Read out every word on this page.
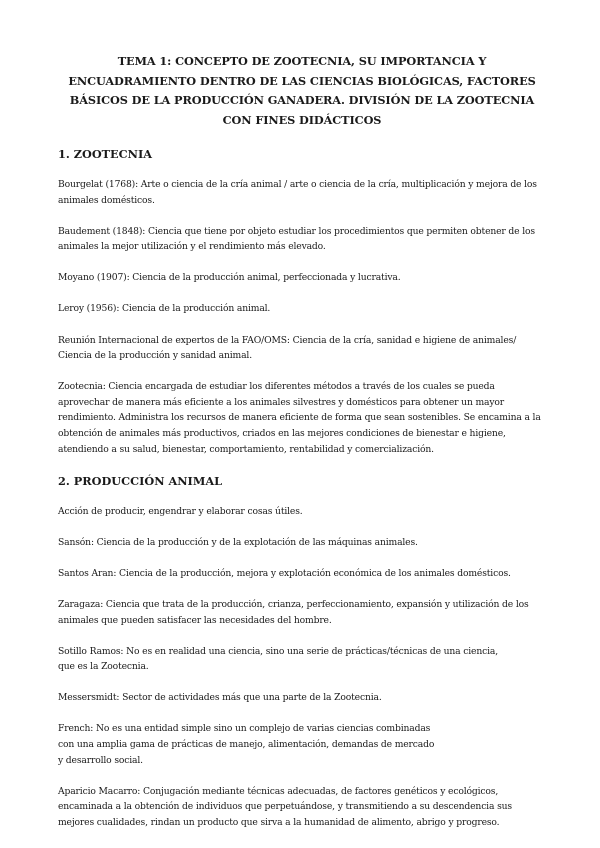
TEMA 1: CONCEPTO DE ZOOTECNIA, SU IMPORTANCIA Y ENCUADRAMIENTO DENTRO DE LAS CIENCIAS BIOLÓGICAS, FACTORES BÁSICOS DE LA PRODUCCIÓN GANADERA. DIVISIÓN DE LA ZOOTECNIA CON FINES DIDÁCTICOS
1. ZOOTECNIA

Bourgelat (1768): Arte o ciencia de la cría animal / arte o ciencia de la cría, multiplicación y mejora de los animales domésticos.

Baudement (1848): Ciencia que tiene por objeto estudiar los procedimientos que permiten obtener de los animales la mejor utilización y el rendimiento más elevado.

Moyano (1907): Ciencia de la producción animal, perfeccionada y lucrativa.

Leroy (1956): Ciencia de la producción animal.

Reunión Internacional de expertos de la FAO/OMS: Ciencia de la cría, sanidad e higiene de animales/ Ciencia de la producción y sanidad animal.

Zootecnia: Ciencia encargada de estudiar los diferentes métodos a través de los cuales se pueda aprovechar de manera más eficiente a los animales silvestres y domésticos para obtener un mayor rendimiento. Administra los recursos de manera eficiente de forma que sean sostenibles. Se encamina a la obtención de animales más productivos, criados en las mejores condiciones de bienestar e higiene, atendiendo a su salud, bienestar, comportamiento, rentabilidad y comercialización.

2. PRODUCCIÓN ANIMAL

Acción de producir, engendrar y elaborar cosas útiles.

Sansón: Ciencia de la producción y de la explotación de las máquinas animales.

Santos Aran: Ciencia de la producción, mejora y explotación económica de los animales domésticos.

Zaragaza: Ciencia que trata de la producción, crianza, perfeccionamiento, expansión y utilización de los animales que pueden satisfacer las necesidades del hombre.

Sotillo Ramos: No es en realidad una ciencia, sino una serie de prácticas/técnicas de una ciencia,
que es la Zootecnia.

Messersmidt: Sector de actividades más que una parte de la Zootecnia.

French: No es una entidad simple sino un complejo de varias ciencias combinadas
con una amplia gama de prácticas de manejo, alimentación, demandas de mercado
y desarrollo social.

Aparicio Macarro: Conjugación mediante técnicas adecuadas, de factores genéticos y ecológicos, encaminada a la obtención de individuos que perpetuándose, y transmitiendo a su descendencia sus mejores cualidades, rindan un producto que sirva a la humanidad de alimento, abrigo y progreso.
